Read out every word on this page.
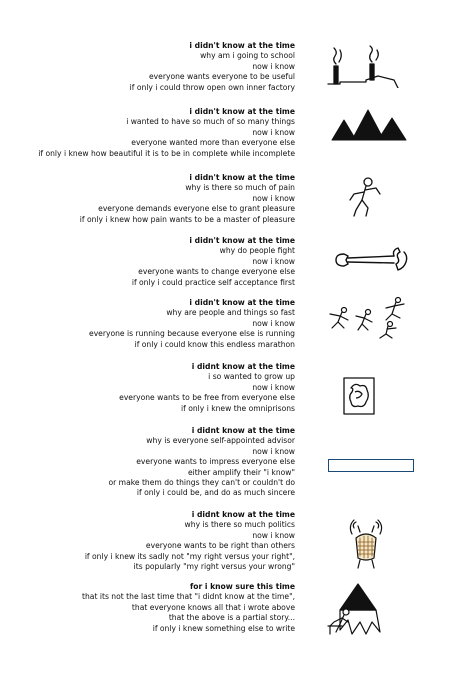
i didn't know at the time
why am i going to school
now i know
everyone wants everyone to be useful
if only i could throw open own inner factory
i didn't know at the time
i wanted to have so much of so many things
now i know
everyone wanted more than everyone else
if only i knew how beautiful it is to be in complete while incomplete
i didn't know at the time
why is there so much of pain
now i know
everyone demands everyone else to grant pleasure
if only i knew how pain wants to be a master of pleasure
i didn't know at the time
why do people fight
now i know
everyone wants to change everyone else
if only i could practice self acceptance first
i didn't know at the time
why are people and things so fast
now i know
everyone is running because everyone else is running
if only i could know this endless marathon
i didnt know at the time
i so wanted to grow up
now i know
everyone wants to be free from everyone else
if only i knew the omniprisons
i didnt know at the time
why is everyone self-appointed advisor
now i know
everyone wants to impress everyone else
either amplify their "i know"
or make them do things they can't or couldn't do
if only i could be, and do as much sincere
i didnt know at the time
why is there so much politics
now i know
everyone wants to be right than others
if only i knew its sadly not "my right versus your right",
its popularly "my right versus your wrong"
for i know sure this time
that its not the last time that "i didnt know at the time",
that everyone knows all that i wrote above
that the above is a partial story...
if only i knew something else to write
